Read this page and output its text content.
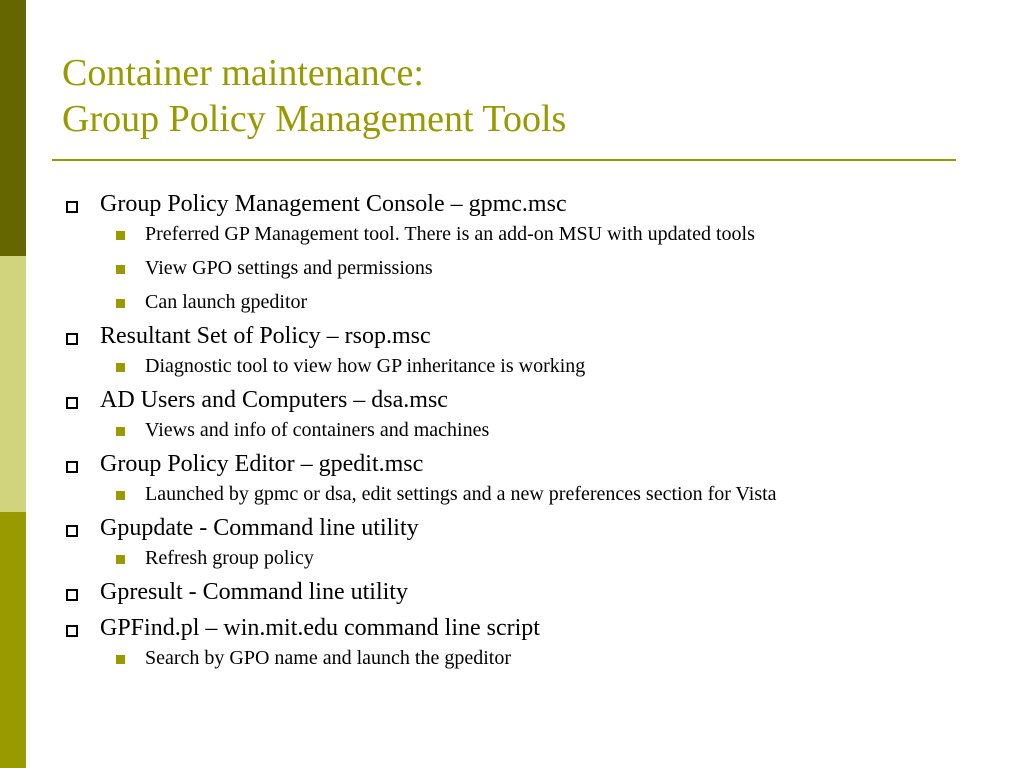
Container maintenance:
Group Policy Management Tools
Group Policy Management Console – gpmc.msc
Preferred GP Management tool. There is an add-on MSU with updated tools
View GPO settings and permissions
Can launch gpeditor
Resultant Set of Policy – rsop.msc
Diagnostic tool to view how GP inheritance is working
AD Users and Computers – dsa.msc
Views and info of containers and machines
Group Policy Editor – gpedit.msc
Launched by gpmc or dsa, edit settings and a new preferences section for Vista
Gpupdate - Command line utility
Refresh group policy
Gpresult - Command line utility
GPFind.pl – win.mit.edu command line script
Search by GPO name and launch the gpeditor
